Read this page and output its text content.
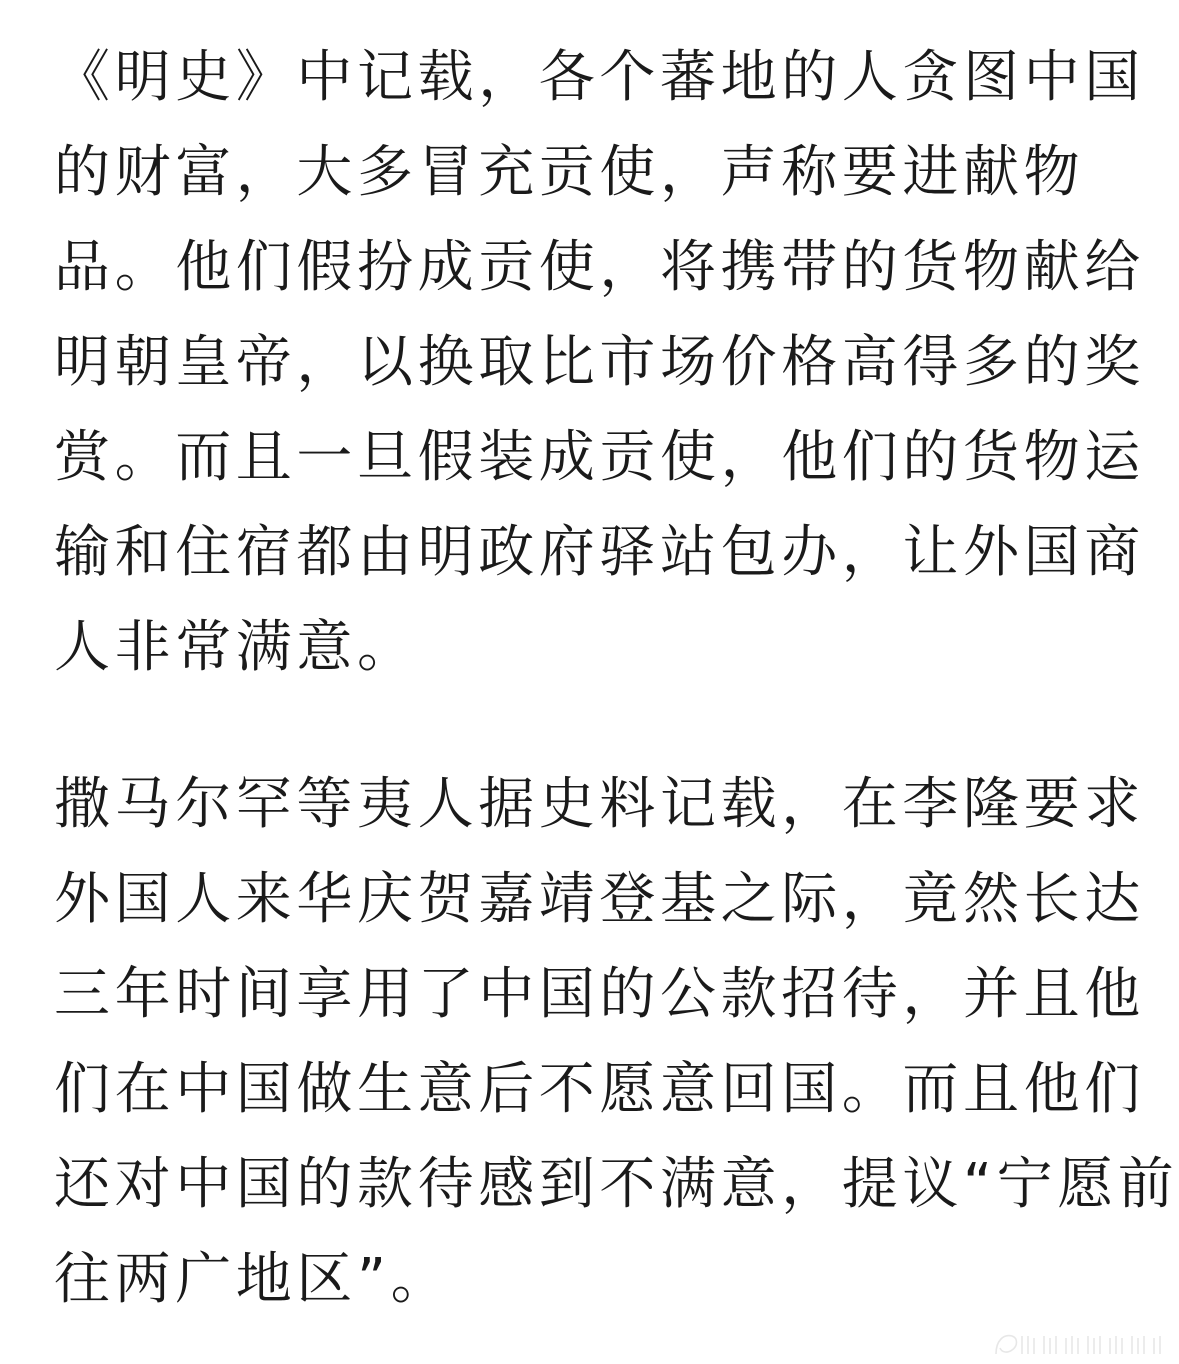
《明史》中记载，各个蕃地的人贪图中国
的财富，大多冒充贡使，声称要进献物
品。他们假扮成贡使，将携带的货物献给
明朝皇帝，以换取比市场价格高得多的奖
赏。而且一旦假装成贡使，他们的货物运
输和住宿都由明政府驿站包办，让外国商
人非常满意。
撒马尔罕等夷人据史料记载，在李隆要求
外国人来华庆贺嘉靖登基之际，竟然长达
三年时间享用了中国的公款招待，并且他
们在中国做生意后不愿意回国。而且他们
还对中国的款待感到不满意，提议“宁愿前
往两广地区”。
